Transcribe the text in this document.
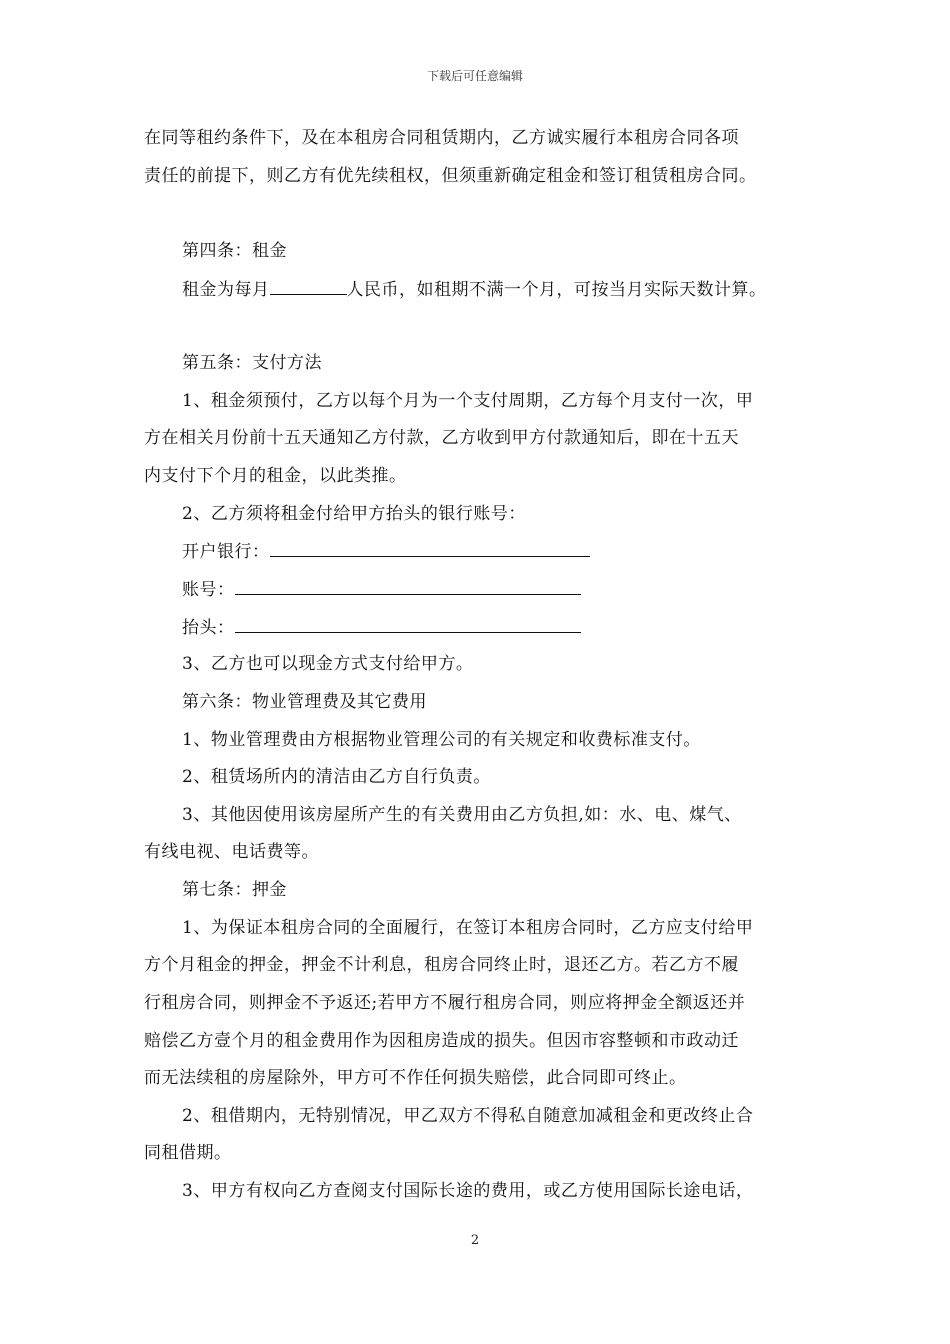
下载后可任意编辑
在同等租约条件下，及在本租房合同租赁期内，乙方诚实履行本租房合同各项
责任的前提下，则乙方有优先续租权，但须重新确定租金和签订租赁租房合同。
第四条：租金
租金为每月	人民币，如租期不满一个月，可按当月实际天数计算。
第五条：支付方法
1、租金须预付，乙方以每个月为一个支付周期，乙方每个月支付一次，甲
方在相关月份前十五天通知乙方付款，乙方收到甲方付款通知后，即在十五天
内支付下个月的租金，以此类推。
2、乙方须将租金付给甲方抬头的银行账号：
开户银行：
账号：
抬头：
3、乙方也可以现金方式支付给甲方。
第六条：物业管理费及其它费用
1、物业管理费由方根据物业管理公司的有关规定和收费标准支付。
2、租赁场所内的清洁由乙方自行负责。
3、其他因使用该房屋所产生的有关费用由乙方负担,如：水、电、煤气、
有线电视、电话费等。
第七条：押金
1、为保证本租房合同的全面履行，在签订本租房合同时，乙方应支付给甲
方个月租金的押金，押金不计利息，租房合同终止时，退还乙方。若乙方不履
行租房合同，则押金不予返还;若甲方不履行租房合同，则应将押金全额返还并
赔偿乙方壹个月的租金费用作为因租房造成的损失。但因市容整顿和市政动迁
而无法续租的房屋除外，甲方可不作任何损失赔偿，此合同即可终止。
2、租借期内，无特别情况，甲乙双方不得私自随意加减租金和更改终止合
同租借期。
3、甲方有权向乙方查阅支付国际长途的费用，或乙方使用国际长途电话，
2
